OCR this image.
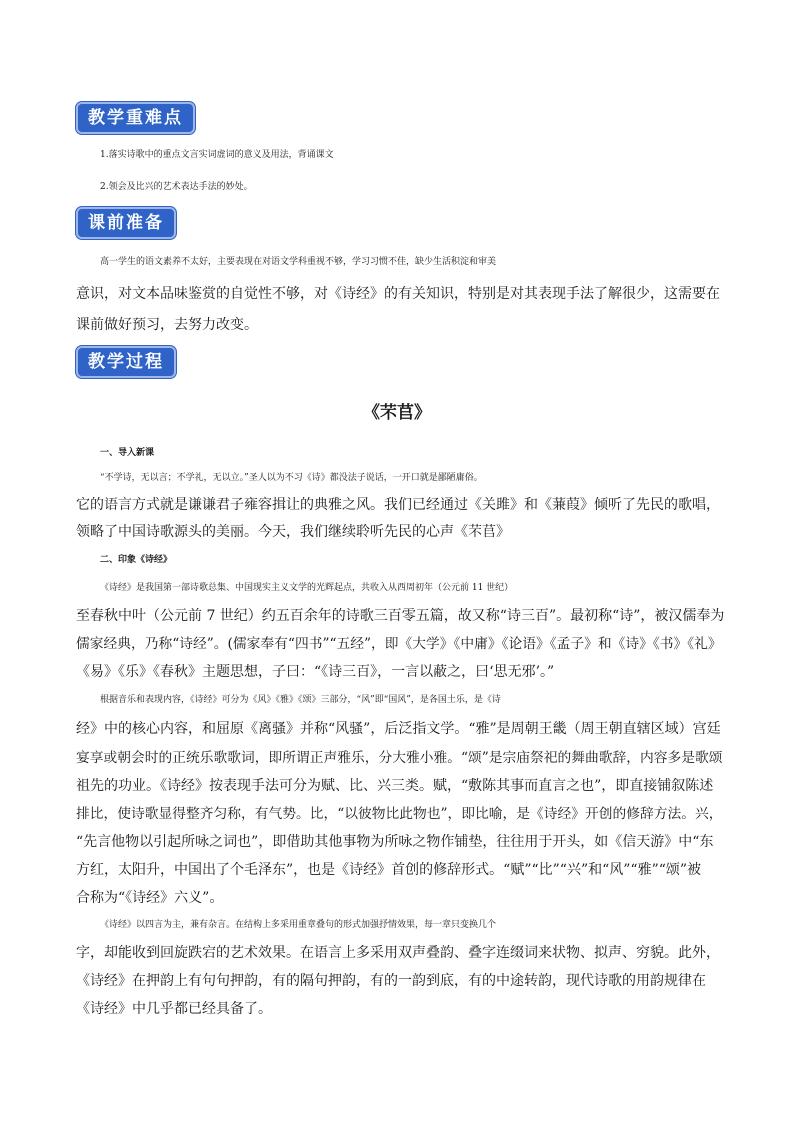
教学重难点
1.落实诗歌中的重点文言实词虚词的意义及用法，背诵课文
2.领会及比兴的艺术表达手法的妙处。
课前准备
高一学生的语文素养不太好，主要表现在对语文学科重视不够，学习习惯不佳，缺少生活积淀和审美
意识，对文本品味鉴赏的自觉性不够，对《诗经》的有关知识，特别是对其表现手法了解很少，这需要在
课前做好预习，去努力改变。
教学过程
《芣苢》
一、导入新课
“不学诗，无以言；不学礼，无以立。”圣人以为不习《诗》都没法子说话，一开口就是鄙陋庸俗。
它的语言方式就是谦谦君子雍容揖让的典雅之风。我们已经通过《关雎》和《蒹葭》倾听了先民的歌唱，
领略了中国诗歌源头的美丽。今天，我们继续聆听先民的心声《芣苢》
二、印象《诗经》
《诗经》是我国第一部诗歌总集、中国现实主义文学的光辉起点，共收入从西周初年（公元前 11 世纪）
至春秋中叶（公元前 7 世纪）约五百余年的诗歌三百零五篇，故又称“诗三百”。最初称“诗”，被汉儒奉为
儒家经典，乃称“诗经”。(儒家奉有“四书”“五经”，即《大学》《中庸》《论语》《孟子》和《诗》《书》《礼》
《易》《乐》《春秋》主题思想，子曰：“《诗三百》，一言以蔽之，曰‘思无邪’。”
根据音乐和表现内容，《诗经》可分为《风》《雅》《颂》三部分，“风”即“国风”，是各国土乐，是《诗
经》中的核心内容，和屈原《离骚》并称“风骚”，后泛指文学。“雅”是周朝王畿（周王朝直辖区域）宫廷
宴享或朝会时的正统乐歌歌词，即所谓正声雅乐，分大雅小雅。“颂”是宗庙祭祀的舞曲歌辞，内容多是歌颂
祖先的功业。《诗经》按表现手法可分为赋、比、兴三类。赋，“敷陈其事而直言之也”，即直接铺叙陈述
排比，使诗歌显得整齐匀称，有气势。比，“以彼物比此物也”，即比喻，是《诗经》开创的修辞方法。兴，
“先言他物以引起所咏之词也”，即借助其他事物为所咏之物作铺垫，往往用于开头，如《信天游》中“东
方红，太阳升，中国出了个毛泽东”，也是《诗经》首创的修辞形式。“赋”“比”“兴”和“风”“雅”“颂”被
合称为“《诗经》六义”。
《诗经》以四言为主，兼有杂言。在结构上多采用重章叠句的形式加强抒情效果，每一章只变换几个
字，却能收到回旋跌宕的艺术效果。在语言上多采用双声叠韵、叠字连缀词来状物、拟声、穷貌。此外，
《诗经》在押韵上有句句押韵，有的隔句押韵，有的一韵到底，有的中途转韵，现代诗歌的用韵规律在
《诗经》中几乎都已经具备了。
